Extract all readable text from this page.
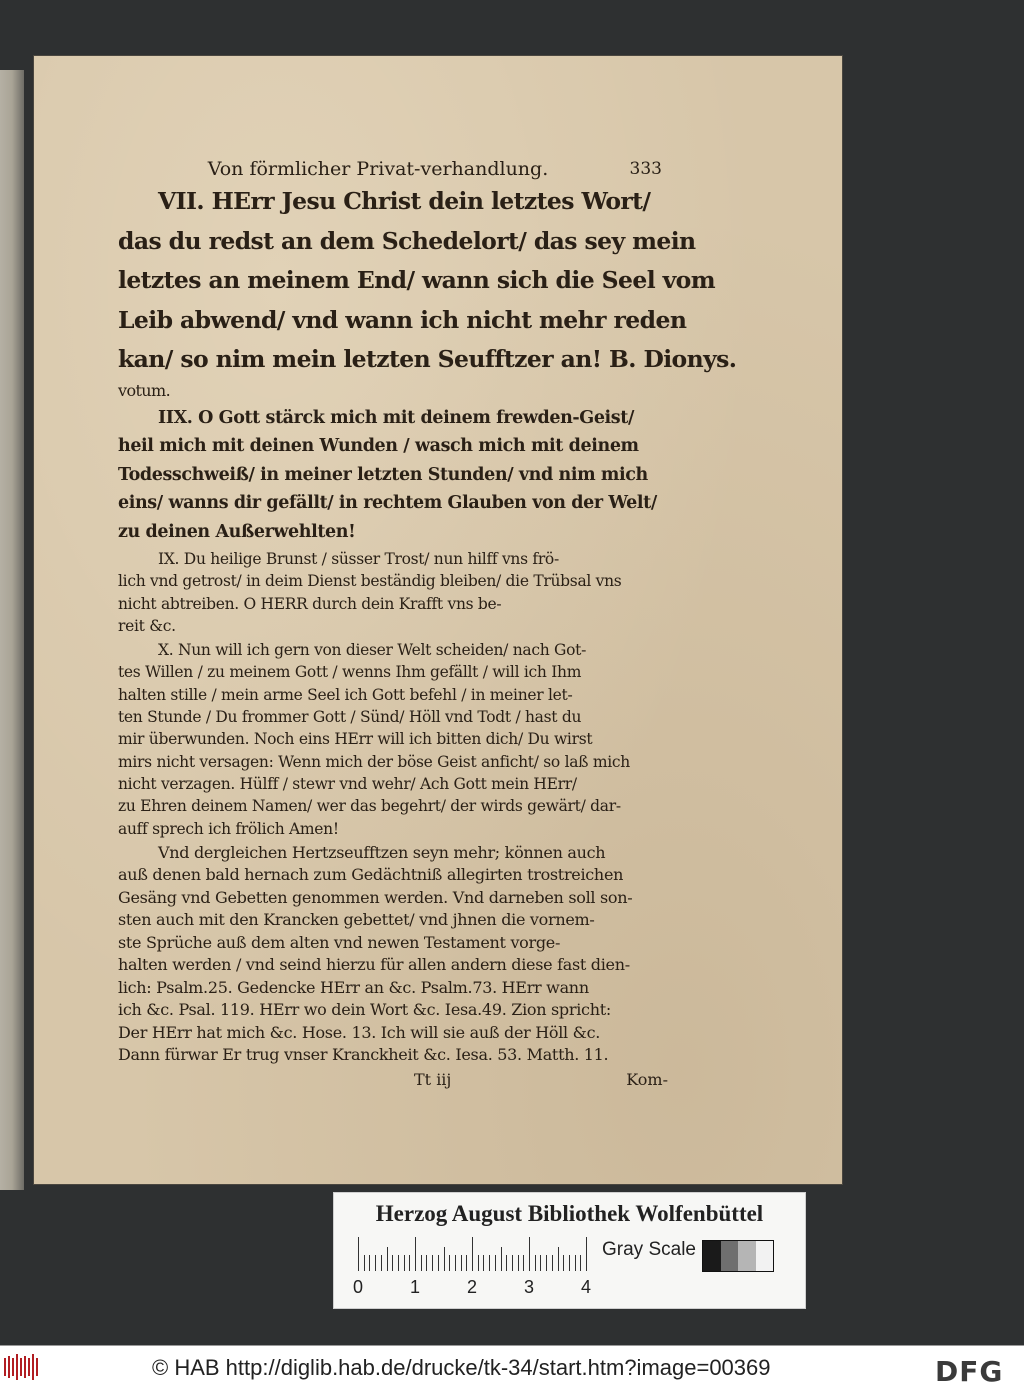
Von förmlicher Privat-verhandlung.	333
VII. HErr Jesu Christ dein letztes Wort/
das du redst an dem Schedelort/ das sey mein
letztes an meinem End/ wann sich die Seel vom
Leib abwend/ vnd wann ich nicht mehr reden
kan/ so nim mein letzten Seufftzer an! B. Dionys.
votum.
IIX. O Gott stärck mich mit deinem frewden-Geist/
heil mich mit deinen Wunden / wasch mich mit deinem
Todesschweiß/ in meiner letzten Stunden/ vnd nim mich
eins/ wanns dir gefällt/ in rechtem Glauben von der Welt/
zu deinen Außerwehlten!
IX. Du heilige Brunst / süsser Trost/ nun hilff vns frö-
lich vnd getrost/ in deim Dienst beständig bleiben/ die Trübsal vns
nicht abtreiben. O HERR durch dein Krafft vns be-
reit &c.
X. Nun will ich gern von dieser Welt scheiden/ nach Got-
tes Willen / zu meinem Gott / wenns Ihm gefällt / will ich Ihm
halten stille / mein arme Seel ich Gott befehl / in meiner let-
ten Stunde / Du frommer Gott / Sünd/ Höll vnd Todt / hast du
mir überwunden. Noch eins HErr will ich bitten dich/ Du wirst
mirs nicht versagen: Wenn mich der böse Geist anficht/ so laß mich
nicht verzagen. Hülff / stewr vnd wehr/ Ach Gott mein HErr/
zu Ehren deinem Namen/ wer das begehrt/ der wirds gewärt/ dar-
auff sprech ich frölich Amen!
Vnd dergleichen Hertzseufftzen seyn mehr; können auch
auß denen bald hernach zum Gedächtniß allegirten trostreichen
Gesäng vnd Gebetten genommen werden. Vnd darneben soll son-
sten auch mit den Krancken gebettet/ vnd jhnen die vornem-
ste Sprüche auß dem alten vnd newen Testament vorge-
halten werden / vnd seind hierzu für allen andern diese fast dien-
lich: Psalm.25. Gedencke HErr an &c. Psalm.73. HErr wann
ich &c. Psal. 119. HErr wo dein Wort &c. Iesa.49. Zion spricht:
Der HErr hat mich &c. Hose. 13. Ich will sie auß der Höll &c.
Dann fürwar Er trug vnser Kranckheit &c. Iesa. 53. Matth. 11.
Tt iij	Kom-
Herzog August Bibliothek Wolfenbüttel
0	1	2	3	4
Gray Scale
© HAB http://diglib.hab.de/drucke/tk-34/start.htm?image=00369	DFG
